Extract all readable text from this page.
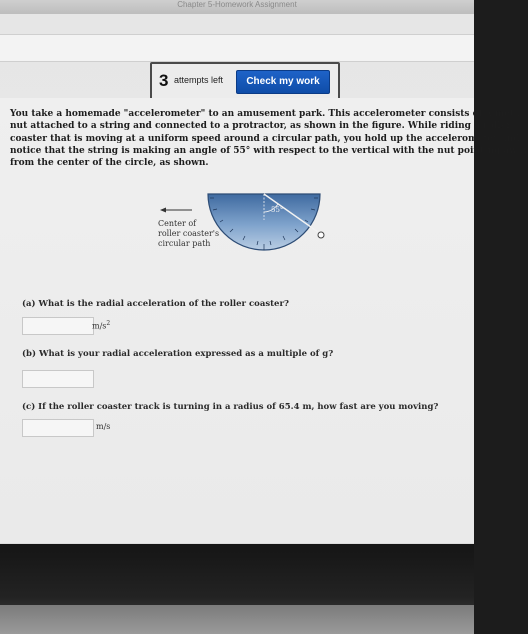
Chapter 5-Homework Assignment
3 attempts left	Check my work

You take a homemade "accelerometer" to an amusement park. This accelerometer consists of a meta

nut attached to a string and connected to a protractor, as shown in the figure. While riding a roller

coaster that is moving at a uniform speed around a circular path, you hold up the accelerometer and

notice that the string is making an angle of 55° with respect to the vertical with the nut pointing away

from the center of the circle, as shown.

Center of
roller coaster's
circular path
55°
(a) What is the radial acceleration of the roller coaster?
$m/s^2$
(b) What is your radial acceleration expressed as a multiple of g?
(c) If the roller coaster track is turning in a radius of 65.4 m, how fast are you moving?
m/s
